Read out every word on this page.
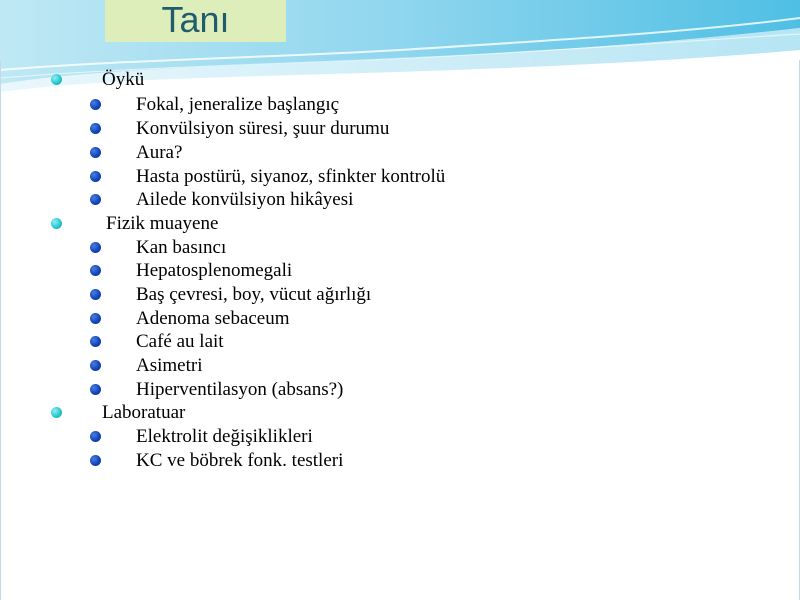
Tanı
Öykü
Fokal, jeneralize başlangıç
Konvülsiyon süresi, şuur durumu
Aura?
Hasta postürü, siyanoz, sfinkter kontrolü
Ailede konvülsiyon hikâyesi
Fizik muayene
Kan basıncı
Hepatosplenomegali
Baş çevresi, boy, vücut ağırlığı
Adenoma sebaceum
Café au lait
Asimetri
Hiperventilasyon (absans?)
Laboratuar
Elektrolit değişiklikleri
KC ve böbrek fonk. testleri
